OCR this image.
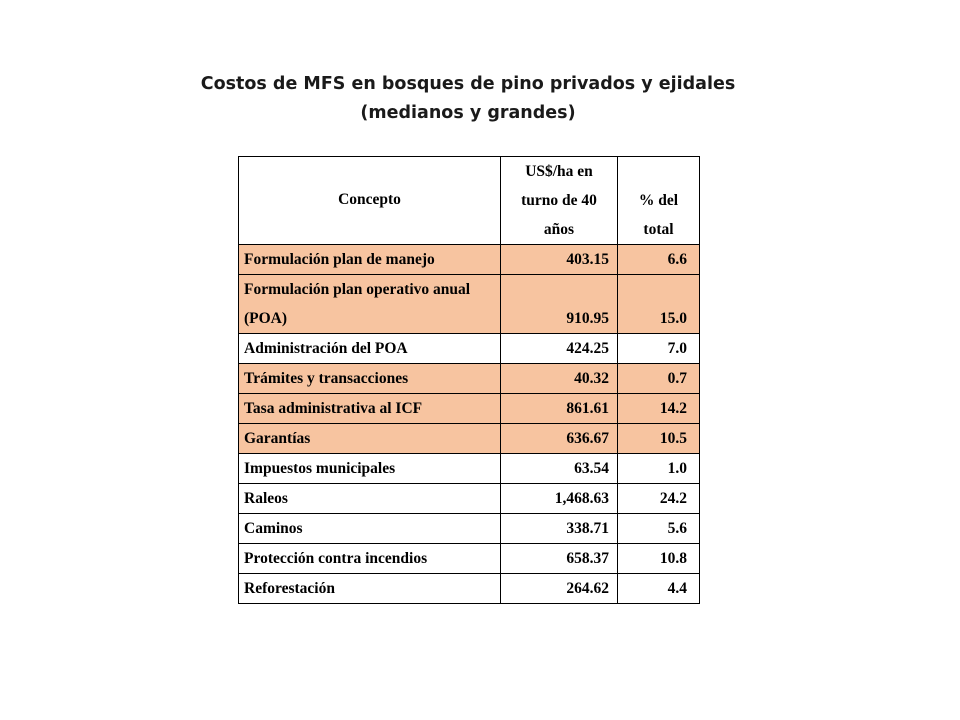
Costos de MFS en bosques de pino privados y ejidales
(medianos y grandes)
Concepto	US$/ha en turno de 40 años	% del total
Formulación plan de manejo	403.15	6.6
Formulación plan operativo anual (POA)	910.95	15.0
Administración del POA	424.25	7.0
Trámites y transacciones	40.32	0.7
Tasa administrativa al ICF	861.61	14.2
Garantías	636.67	10.5
Impuestos municipales	63.54	1.0
Raleos	1,468.63	24.2
Caminos	338.71	5.6
Protección contra incendios	658.37	10.8
Reforestación	264.62	4.4
